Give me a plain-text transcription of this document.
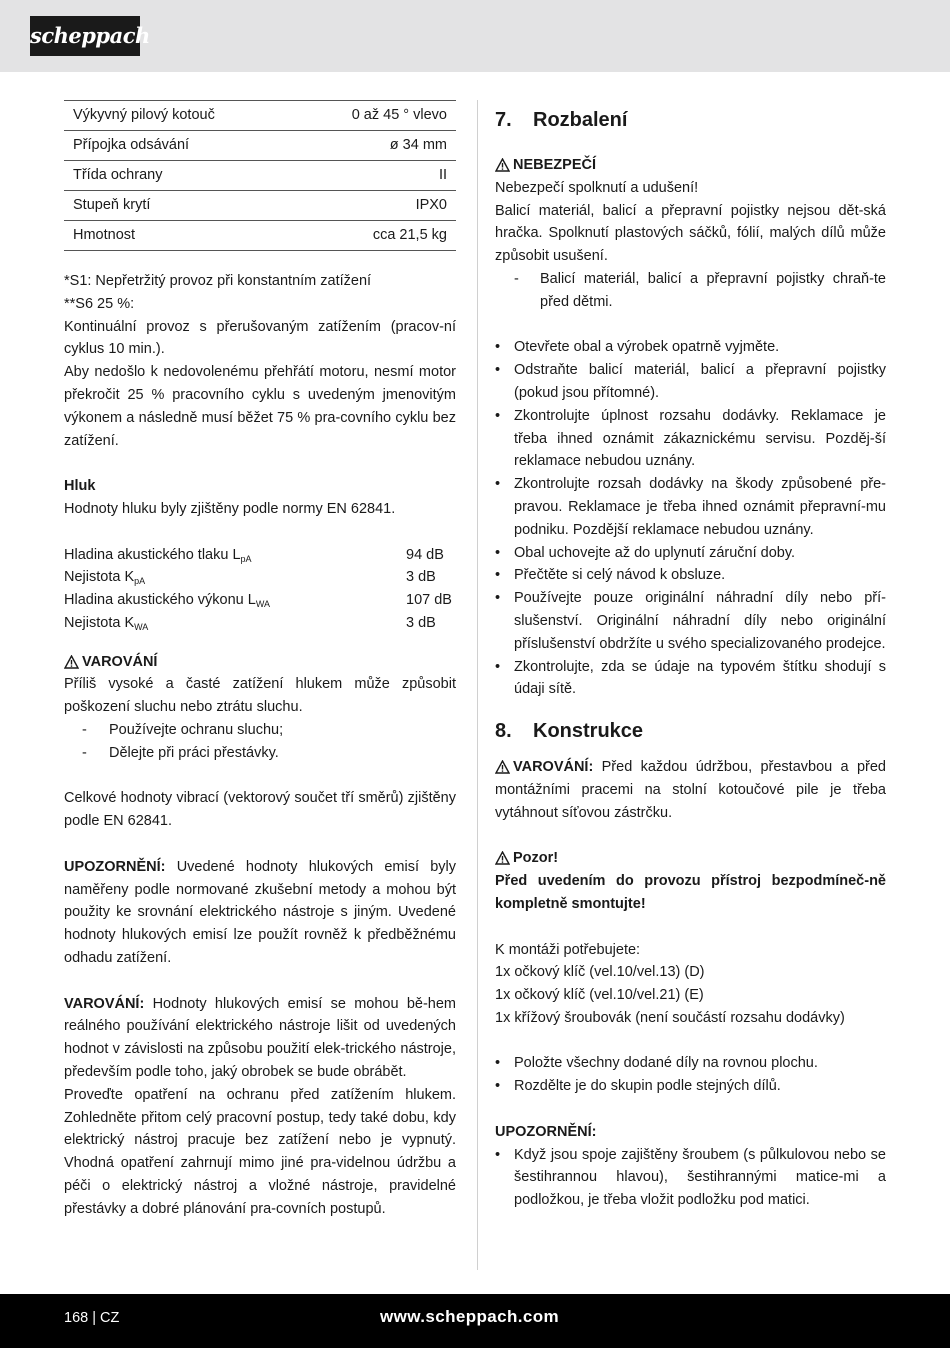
scheppach
Výkyvný pilový kotouč	0 až 45 ° vlevo
Přípojka odsávání	ø 34 mm
Třída ochrany	II
Stupeň krytí	IPX0
Hmotnost	cca 21,5 kg

*S1: Nepřetržitý provoz při konstantním zatížení

**S6 25 %:

Kontinuální provoz s přerušovaným zatížením (pracov-ní cyklus 10 min.).

Aby nedošlo k nedovolenému přehřátí motoru, nesmí motor překročit 25 % pracovního cyklu s uvedeným jmenovitým výkonem a následně musí běžet 75 % pra-covního cyklu bez zatížení.

Hluk

Hodnoty hluku byly zjištěny podle normy EN 62841.

Hladina akustického tlaku $L_{pA}$	94 dB
Nejistota $K_{pA}$	3 dB
Hladina akustického výkonu $L_{WA}$	107 dB
Nejistota $K_{WA}$	3 dB

VAROVÁNÍ

Příliš vysoké a časté zatížení hlukem může způsobit poškození sluchu nebo ztrátu sluchu.

- Používejte ochranu sluchu;
- Dělejte při práci přestávky.

Celkové hodnoty vibrací (vektorový součet tří směrů) zjištěny podle EN 62841.

UPOZORNĚNÍ: Uvedené hodnoty hlukových emisí byly naměřeny podle normované zkušební metody a mohou být použity ke srovnání elektrického nástroje s jiným. Uvedené hodnoty hlukových emisí lze použít rovněž k předběžnému odhadu zatížení.

VAROVÁNÍ: Hodnoty hlukových emisí se mohou bě-hem reálného používání elektrického nástroje lišit od uvedených hodnot v závislosti na způsobu použití elek-trického nástroje, především podle toho, jaký obrobek se bude obrábět.

Proveďte opatření na ochranu před zatížením hlukem. Zohledněte přitom celý pracovní postup, tedy také dobu, kdy elektrický nástroj pracuje bez zatížení nebo je vypnutý. Vhodná opatření zahrnují mimo jiné pra-videlnou údržbu a péči o elektrický nástroj a vložné nástroje, pravidelné přestávky a dobré plánování pra-covních postupů.

7. Rozbalení

NEBEZPEČÍ

Nebezpečí spolknutí a udušení!

Balicí materiál, balicí a přepravní pojistky nejsou dět-ská hračka. Spolknutí plastových sáčků, fólií, malých dílů může způsobit usušení.

- Balicí materiál, balicí a přepravní pojistky chraň-te před dětmi.
• Otevřete obal a výrobek opatrně vyjměte.
• Odstraňte balicí materiál, balicí a přepravní pojistky (pokud jsou přítomné).
• Zkontrolujte úplnost rozsahu dodávky. Reklamace je třeba ihned oznámit zákaznickému servisu. Pozděj-ší reklamace nebudou uznány.
• Zkontrolujte rozsah dodávky na škody způsobené pře-pravou. Reklamace je třeba ihned oznámit přepravní-mu podniku. Pozdější reklamace nebudou uznány.
• Obal uchovejte až do uplynutí záruční doby.
• Přečtěte si celý návod k obsluze.
• Používejte pouze originální náhradní díly nebo pří-slušenství. Originální náhradní díly nebo originální příslušenství obdržíte u svého specializovaného prodejce.
• Zkontrolujte, zda se údaje na typovém štítku shodují s údaji sítě.
8. Konstrukce

VAROVÁNÍ: Před každou údržbou, přestavbou a před montážními pracemi na stolní kotoučové pile je třeba vytáhnout síťovou zástrčku.

Pozor!

Před uvedením do provozu přístroj bezpodmíneč-ně kompletně smontujte!

K montáži potřebujete:

1x očkový klíč (vel.10/vel.13) (D)

1x očkový klíč (vel.10/vel.21) (E)

1x křížový šroubovák (není součástí rozsahu dodávky)

• Položte všechny dodané díly na rovnou plochu.
• Rozdělte je do skupin podle stejných dílů.

UPOZORNĚNÍ:

• Když jsou spoje zajištěny šroubem (s půlkulovou nebo se šestihrannou hlavou), šestihrannými matice-mi a podložkou, je třeba vložit podložku pod matici.
168 | CZ	www.scheppach.com
